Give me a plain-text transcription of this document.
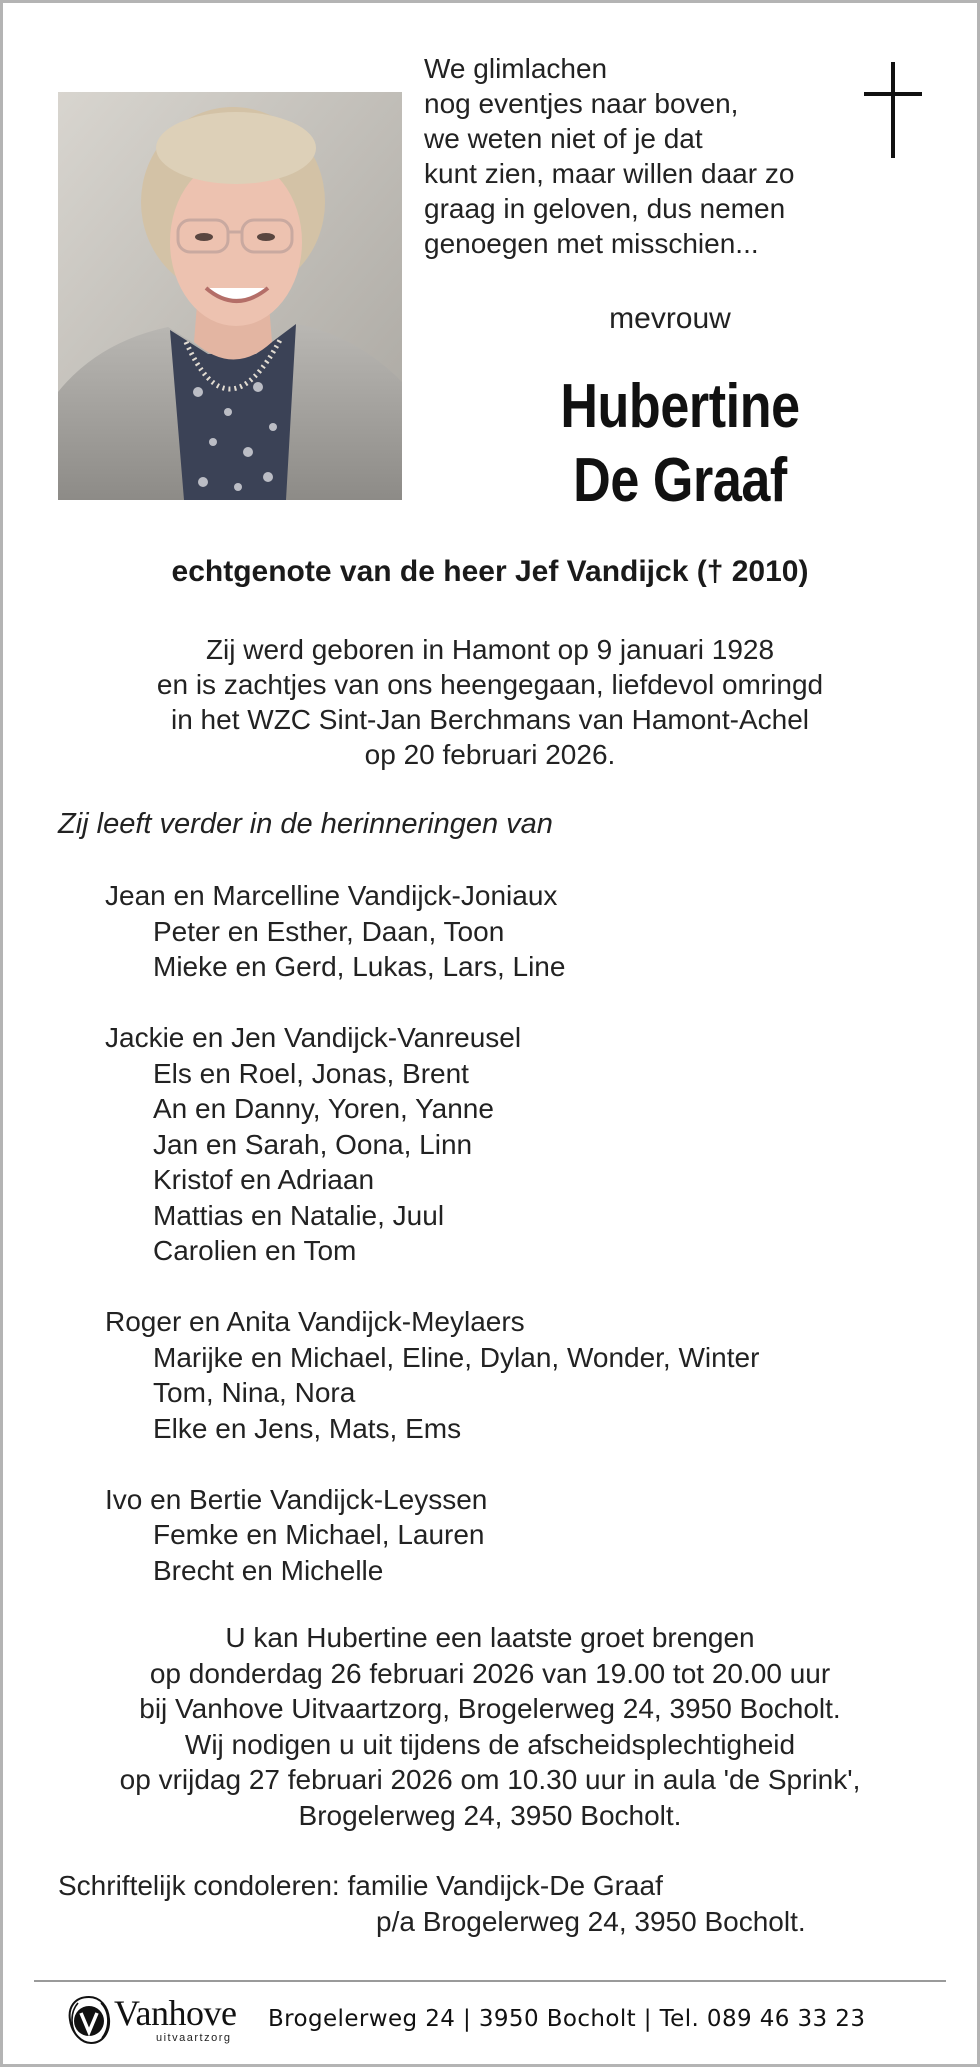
We glimlachen
nog eventjes naar boven,
we weten niet of je dat
kunt zien, maar willen daar zo
graag in geloven, dus nemen
genoegen met misschien...
mevrouw
Hubertine
De Graaf
echtgenote van de heer Jef Vandijck († 2010)
Zij werd geboren in Hamont op 9 januari 1928
en is zachtjes van ons heengegaan, liefdevol omringd
in het WZC Sint-Jan Berchmans van Hamont-Achel
op 20 februari 2026.
Zij leeft verder in de herinneringen van
Jean en Marcelline Vandijck-Joniaux
Peter en Esther, Daan, Toon
Mieke en Gerd, Lukas, Lars, Line
Jackie en Jen Vandijck-Vanreusel
Els en Roel, Jonas, Brent
An en Danny, Yoren, Yanne
Jan en Sarah, Oona, Linn
Kristof en Adriaan
Mattias en Natalie, Juul
Carolien en Tom
Roger en Anita Vandijck-Meylaers
Marijke en Michael, Eline, Dylan, Wonder, Winter
Tom, Nina, Nora
Elke en Jens, Mats, Ems
Ivo en Bertie Vandijck-Leyssen
Femke en Michael, Lauren
Brecht en Michelle
U kan Hubertine een laatste groet brengen
op donderdag 26 februari 2026 van 19.00 tot 20.00 uur
bij Vanhove Uitvaartzorg, Brogelerweg 24, 3950 Bocholt.
Wij nodigen u uit tijdens de afscheidsplechtigheid
op vrijdag 27 februari 2026 om 10.30 uur in aula 'de Sprink',
Brogelerweg 24, 3950 Bocholt.
Schriftelijk condoleren: familie Vandijck-De Graaf
p/a Brogelerweg 24, 3950 Bocholt.
Vanhove
uitvaartzorg
Brogelerweg 24 | 3950 Bocholt | Tel. 089 46 33 23
